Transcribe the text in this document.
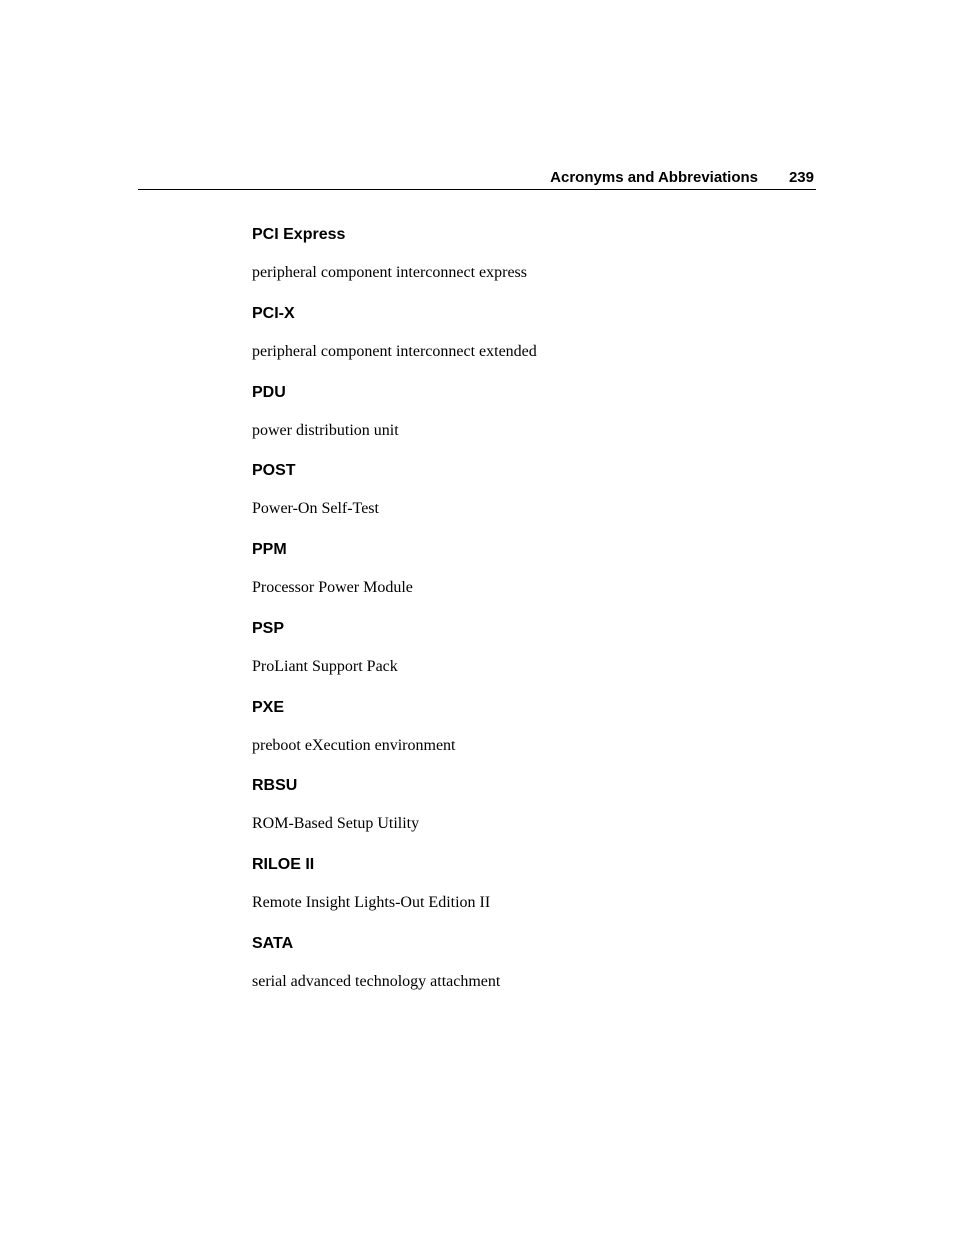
Acronyms and Abbreviations 239
PCI Express
peripheral component interconnect express
PCI-X
peripheral component interconnect extended
PDU
power distribution unit
POST
Power-On Self-Test
PPM
Processor Power Module
PSP
ProLiant Support Pack
PXE
preboot eXecution environment
RBSU
ROM-Based Setup Utility
RILOE II
Remote Insight Lights-Out Edition II
SATA
serial advanced technology attachment
